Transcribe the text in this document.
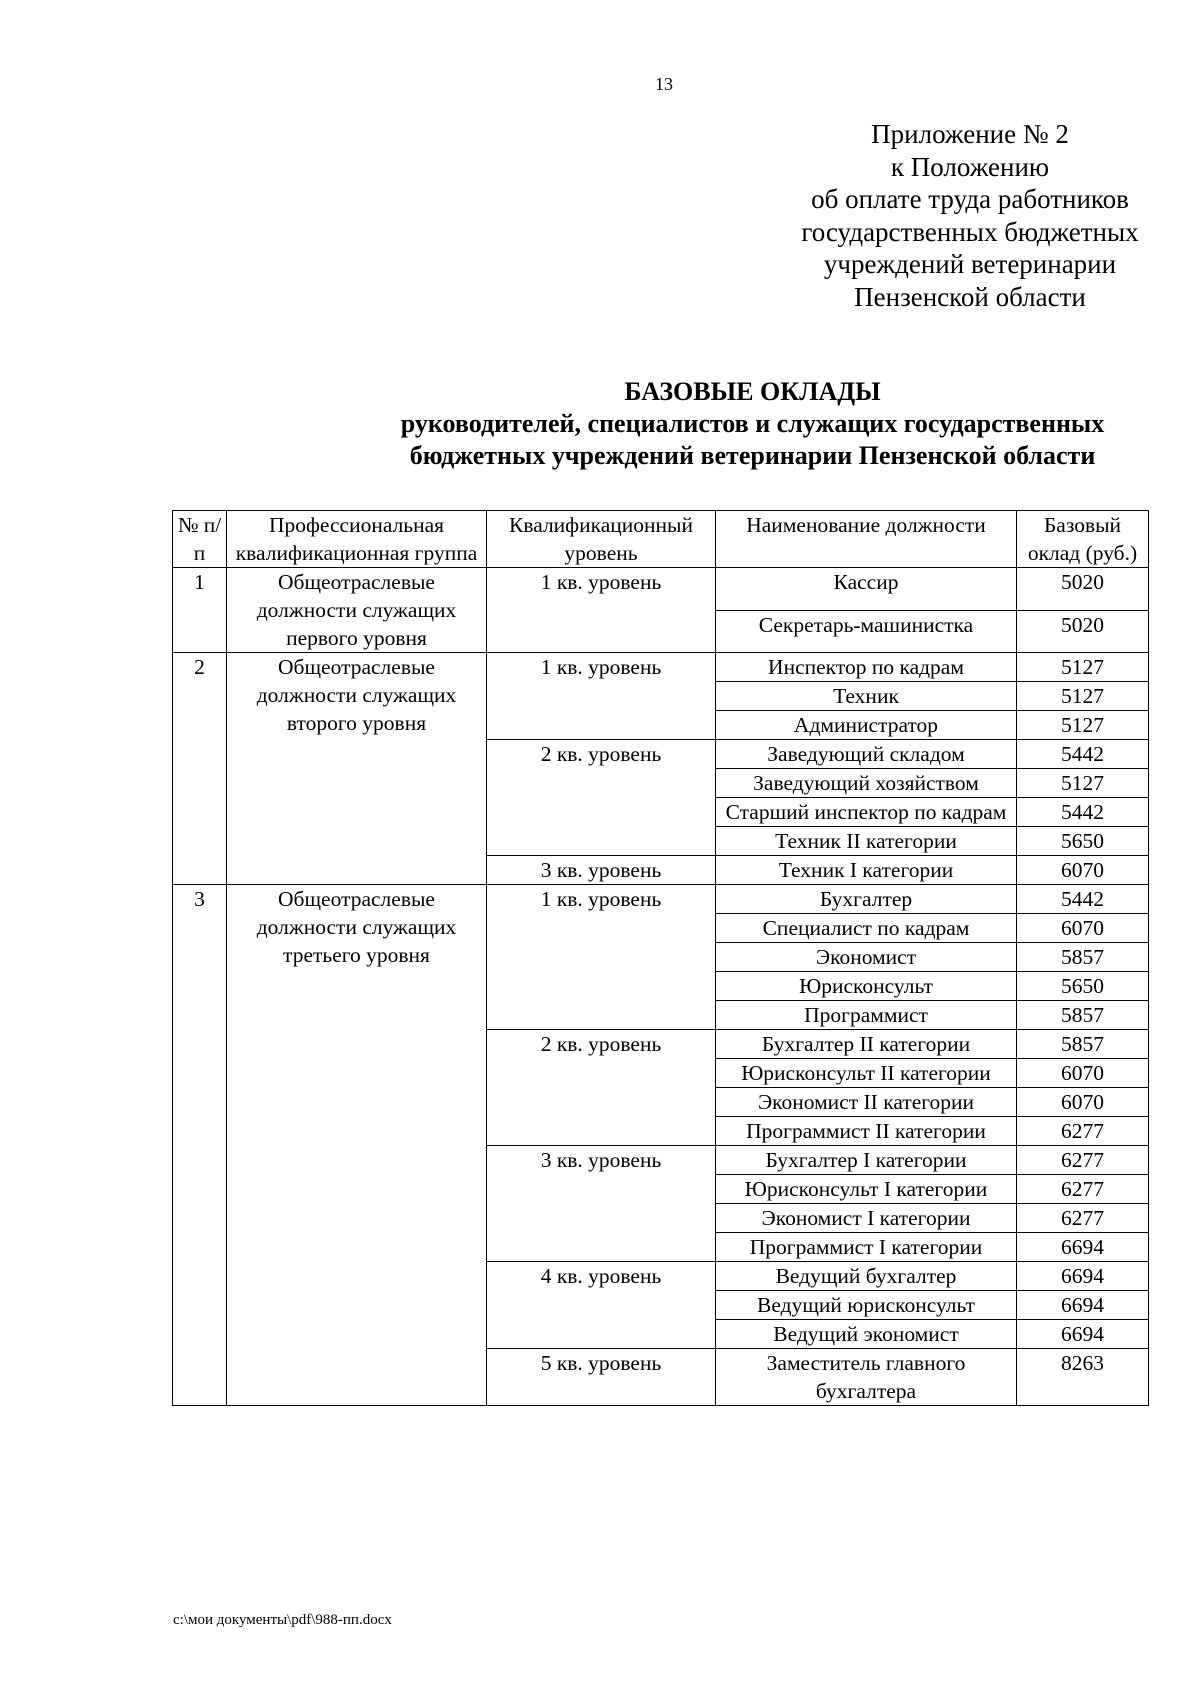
13
Приложение № 2
к Положению
об оплате труда работников
государственных бюджетных
учреждений ветеринарии
Пензенской области
БАЗОВЫЕ ОКЛАДЫ
руководителей, специалистов и служащих государственных
бюджетных учреждений ветеринарии Пензенской области
№ п/п	Профессиональная квалификационная группа	Квалификационный уровень	Наименование должности	Базовый оклад (руб.)
1	Общеотраслевые должности служащих первого уровня	1 кв. уровень	Кассир	5020
			Секретарь-машинистка	5020
2	Общеотраслевые должности служащих второго уровня	1 кв. уровень	Инспектор по кадрам	5127
			Техник	5127
			Администратор	5127
		2 кв. уровень	Заведующий складом	5442
			Заведующий хозяйством	5127
			Старший инспектор по кадрам	5442
			Техник II категории	5650
		3 кв. уровень	Техник I категории	6070
3	Общеотраслевые должности служащих третьего уровня	1 кв. уровень	Бухгалтер	5442
			Специалист по кадрам	6070
			Экономист	5857
			Юрисконсульт	5650
			Программист	5857
		2 кв. уровень	Бухгалтер II категории	5857
			Юрисконсульт II категории	6070
			Экономист II категории	6070
			Программист II категории	6277
		3 кв. уровень	Бухгалтер I категории	6277
			Юрисконсульт I категории	6277
			Экономист I категории	6277
			Программист I категории	6694
		4 кв. уровень	Ведущий бухгалтер	6694
			Ведущий юрисконсульт	6694
			Ведущий экономист	6694
		5 кв. уровень	Заместитель главного бухгалтера	8263
c:\мои документы\pdf\988-пп.docx
